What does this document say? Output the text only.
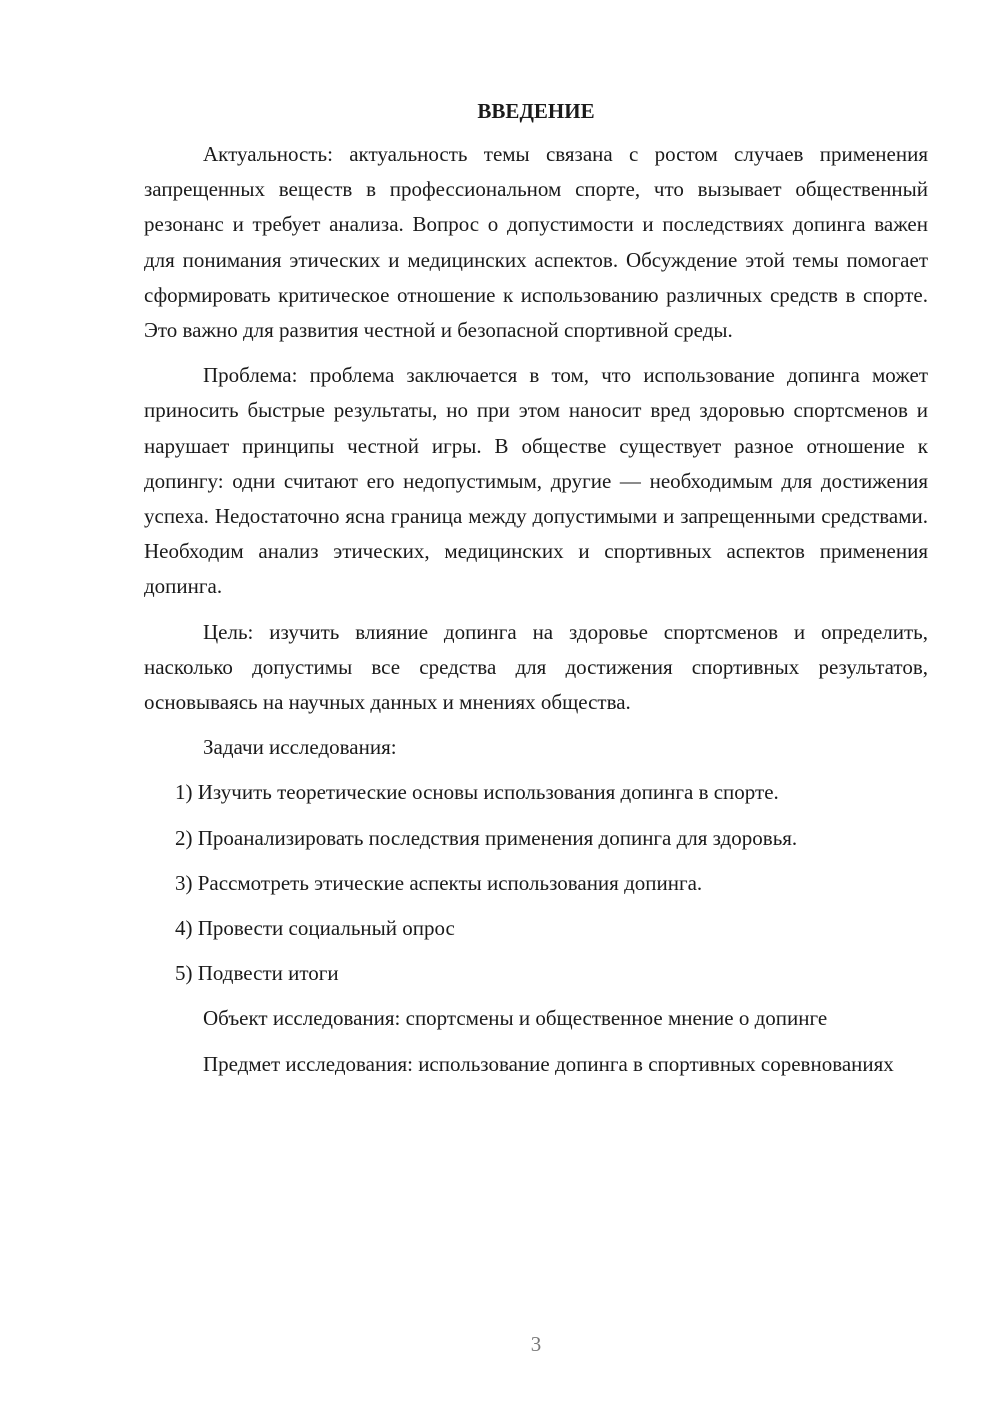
ВВЕДЕНИЕ

Актуальность: актуальность темы связана с ростом случаев применения запрещенных веществ в профессиональном спорте, что вызывает общественный резонанс и требует анализа. Вопрос о допустимости и последствиях допинга важен для понимания этических и медицинских аспектов. Обсуждение этой темы помогает сформировать критическое отношение к использованию различных средств в спорте. Это важно для развития честной и безопасной спортивной среды.

Проблема: проблема заключается в том, что использование допинга может приносить быстрые результаты, но при этом наносит вред здоровью спортсменов и нарушает принципы честной игры. В обществе существует разное отношение к допингу: одни считают его недопустимым, другие — необходимым для достижения успеха. Недостаточно ясна граница между допустимыми и запрещенными средствами. Необходим анализ этических, медицинских и спортивных аспектов применения допинга.

Цель: изучить влияние допинга на здоровье спортсменов и определить, насколько допустимы все средства для достижения спортивных результатов, основываясь на научных данных и мнениях общества.

Задачи исследования:

1) Изучить теоретические основы использования допинга в спорте.

2) Проанализировать последствия применения допинга для здоровья.

3) Рассмотреть этические аспекты использования допинга.

4) Провести социальный опрос

5) Подвести итоги

Объект исследования: спортсмены и общественное мнение о допинге

Предмет исследования: использование допинга в спортивных соревнованиях

3
